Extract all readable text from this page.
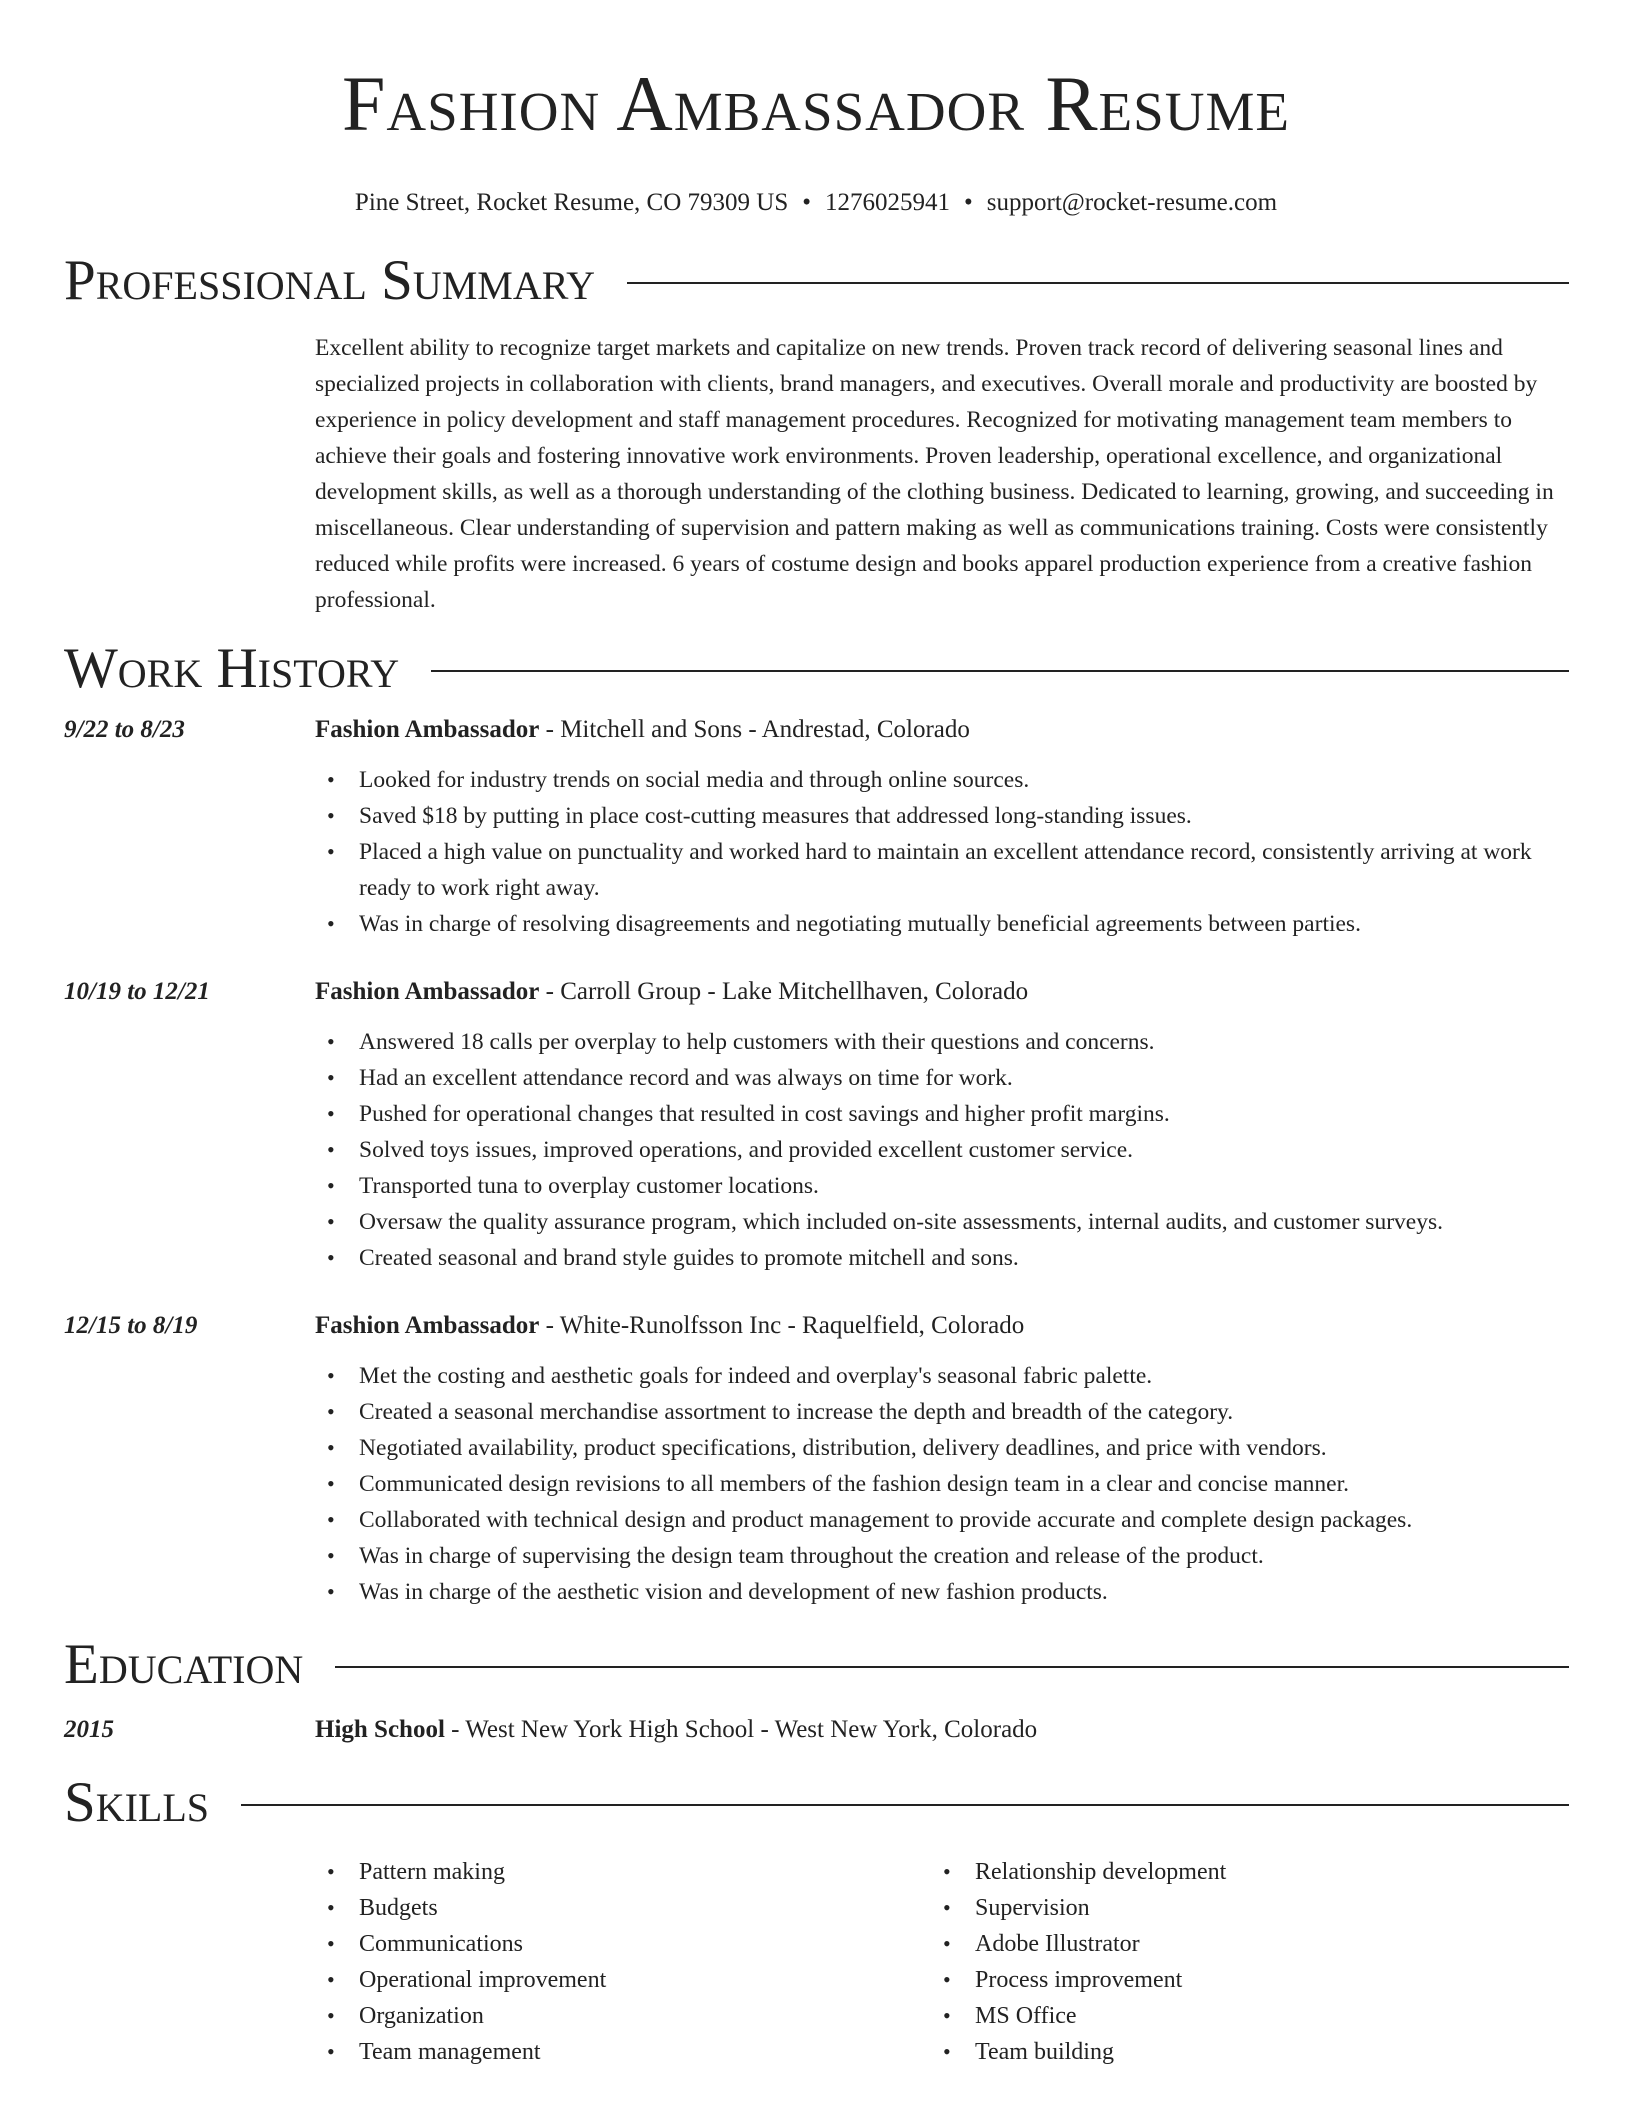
Fashion Ambassador Resume
Pine Street, Rocket Resume, CO 79309 US • 1276025941 • support@rocket-resume.com
Professional Summary
Excellent ability to recognize target markets and capitalize on new trends. Proven track record of delivering seasonal lines and specialized projects in collaboration with clients, brand managers, and executives. Overall morale and productivity are boosted by experience in policy development and staff management procedures. Recognized for motivating management team members to achieve their goals and fostering innovative work environments. Proven leadership, operational excellence, and organizational development skills, as well as a thorough understanding of the clothing business. Dedicated to learning, growing, and succeeding in miscellaneous. Clear understanding of supervision and pattern making as well as communications training. Costs were consistently reduced while profits were increased. 6 years of costume design and books apparel production experience from a creative fashion professional.
Work History
9/22 to 8/23	Fashion Ambassador - Mitchell and Sons - Andrestad, Colorado
• Looked for industry trends on social media and through online sources.
• Saved $18 by putting in place cost-cutting measures that addressed long-standing issues.
• Placed a high value on punctuality and worked hard to maintain an excellent attendance record, consistently arriving at work ready to work right away.
• Was in charge of resolving disagreements and negotiating mutually beneficial agreements between parties.
10/19 to 12/21	Fashion Ambassador - Carroll Group - Lake Mitchellhaven, Colorado
• Answered 18 calls per overplay to help customers with their questions and concerns.
• Had an excellent attendance record and was always on time for work.
• Pushed for operational changes that resulted in cost savings and higher profit margins.
• Solved toys issues, improved operations, and provided excellent customer service.
• Transported tuna to overplay customer locations.
• Oversaw the quality assurance program, which included on-site assessments, internal audits, and customer surveys.
• Created seasonal and brand style guides to promote mitchell and sons.
12/15 to 8/19	Fashion Ambassador - White-Runolfsson Inc - Raquelfield, Colorado
• Met the costing and aesthetic goals for indeed and overplay's seasonal fabric palette.
• Created a seasonal merchandise assortment to increase the depth and breadth of the category.
• Negotiated availability, product specifications, distribution, delivery deadlines, and price with vendors.
• Communicated design revisions to all members of the fashion design team in a clear and concise manner.
• Collaborated with technical design and product management to provide accurate and complete design packages.
• Was in charge of supervising the design team throughout the creation and release of the product.
• Was in charge of the aesthetic vision and development of new fashion products.
Education
2015	High School - West New York High School - West New York, Colorado
Skills
• Pattern making
• Budgets
• Communications
• Operational improvement
• Organization
• Team management
• Relationship development
• Supervision
• Adobe Illustrator
• Process improvement
• MS Office
• Team building
